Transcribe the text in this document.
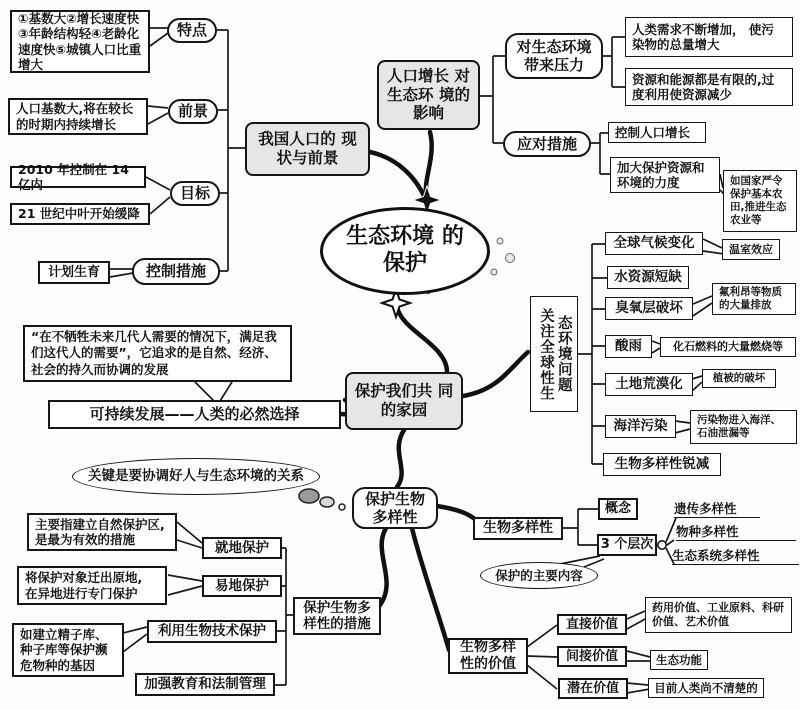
生态环境 的保护
①基数大②增长速度快③年龄结构轻④老龄化速度快⑤城镇人口比重增大
特点
人口基数大,将在较长的时期内持续增长
前景
2010 年控制在 14 亿内	目标
21 世纪中叶开始缓降
计划生育	控制措施
我国人口的 现状与前景
人口增长 对生态环 境的影响
对生态环境 带来压力
人类需求不断增加， 使污染物的总量增大
资源和能源都是有限的,过度利用使资源减少
应对措施
控制人口增长
加大保护资源和 环境的力度	如国家严令 保护基本农 田,推进生态 农业等
“在不牺牲未来几代人需要的情况下，满足我们这代人的需要”，它追求的是自然、经济、社会的持久而协调的发展
可持续发展——人类的必然选择
保护我们共 同的家园
关注全球性生态环境问题
全球气候变化	温室效应
水资源短缺
臭氧层破坏
氟利昂等物质 的大量排放
酸雨	化石燃料的大量燃烧等
土地荒漠化	植被的破坏
海洋污染	污染物进入海洋、 石油泄漏等
生物多样性锐减
关键是要协调好人与生态环境的关系
保护生物 多样性
主要指建立自然保护区, 是最为有效的措施
就地保护
将保护对象迁出原地, 在异地进行专门保护	易地保护
如建立精子库、 种子库等保护濒 危物种的基因
利用生物技术保护
加强教育和法制管理
保护生物多 样性的措施
生物多样性
概念
3 个层次
遗传多样性
物种多样性
生态系统多样性
保护的主要内容
生物多样 性的价值
直接价值
药用价值、工业原料、科研 价值、艺术价值
间接价值	生态功能
潜在价值	目前人类尚不清楚的
